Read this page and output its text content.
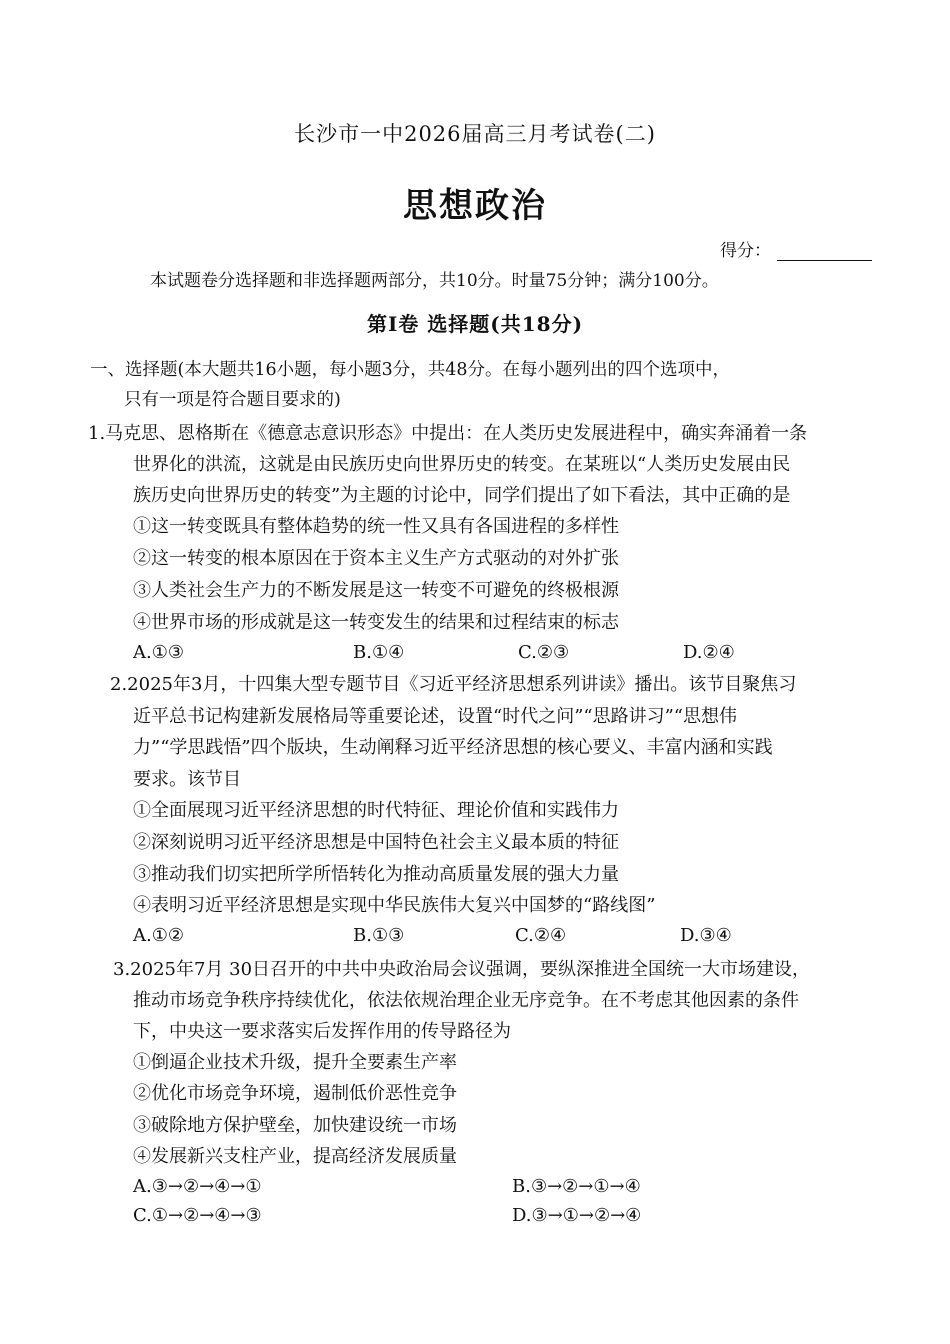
长沙市一中2026届高三月考试卷(二)
思想政治
得分：
本试题卷分选择题和非选择题两部分，共10分。时量75分钟；满分100分。
第Ⅰ卷 选择题(共18分)
一、选择题(本大题共16小题，每小题3分，共48分。在每小题列出的四个选项中，
只有一项是符合题目要求的)
1.马克思、恩格斯在《德意志意识形态》中提出：在人类历史发展进程中，确实奔涌着一条
世界化的洪流，这就是由民族历史向世界历史的转变。在某班以“人类历史发展由民
族历史向世界历史的转变”为主题的讨论中，同学们提出了如下看法，其中正确的是
①这一转变既具有整体趋势的统一性又具有各国进程的多样性
②这一转变的根本原因在于资本主义生产方式驱动的对外扩张
③人类社会生产力的不断发展是这一转变不可避免的终极根源
④世界市场的形成就是这一转变发生的结果和过程结束的标志
A.①③	B.①④	C.②③	D.②④
2.2025年3月，十四集大型专题节目《习近平经济思想系列讲读》播出。该节目聚焦习
近平总书记构建新发展格局等重要论述，设置“时代之问”“思路讲习”“思想伟
力”“学思践悟”四个版块，生动阐释习近平经济思想的核心要义、丰富内涵和实践
要求。该节目
①全面展现习近平经济思想的时代特征、理论价值和实践伟力
②深刻说明习近平经济思想是中国特色社会主义最本质的特征
③推动我们切实把所学所悟转化为推动高质量发展的强大力量
④表明习近平经济思想是实现中华民族伟大复兴中国梦的“路线图”
A.①②	B.①③	C.②④	D.③④
3.2025年7月 30日召开的中共中央政治局会议强调，要纵深推进全国统一大市场建设，
推动市场竞争秩序持续优化，依法依规治理企业无序竞争。在不考虑其他因素的条件
下，中央这一要求落实后发挥作用的传导路径为
①倒逼企业技术升级，提升全要素生产率
②优化市场竞争环境，遏制低价恶性竞争
③破除地方保护壁垒，加快建设统一市场
④发展新兴支柱产业，提高经济发展质量
A.③→②→④→①	B.③→②→①→④
C.①→②→④→③	D.③→①→②→④
